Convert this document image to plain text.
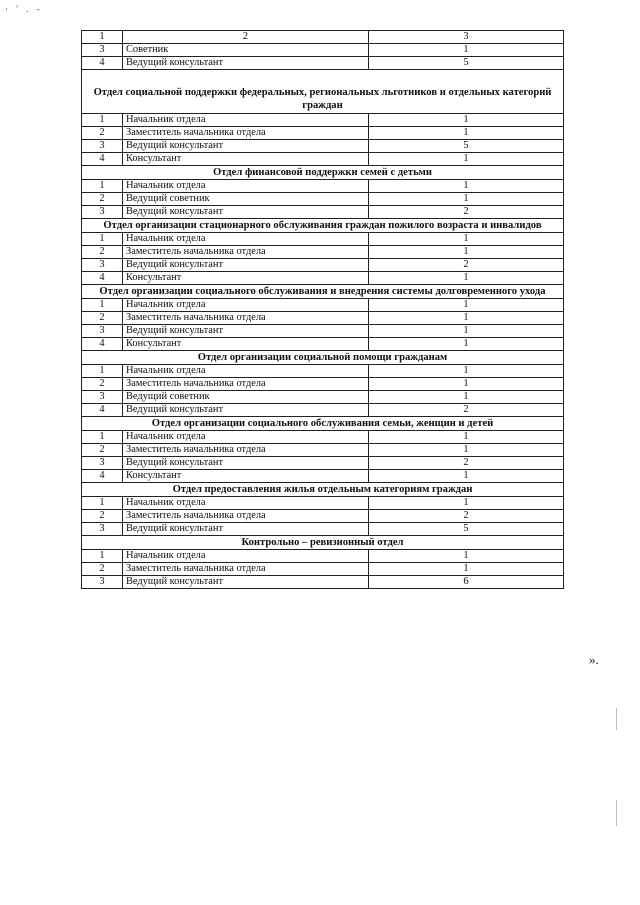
· ' . -
1	2	3
3	Советник	1
4	Ведущий консультант	5
Отдел социальной поддержки федеральных, региональных льготников и отдельных категорий граждан		
1	Начальник отдела	1
2	Заместитель начальника отдела	1
3	Ведущий консультант	5
4	Консультант	1
Отдел финансовой поддержки семей с детьми		
1	Начальник отдела	1
2	Ведущий советник	1
3	Ведущий консультант	2
Отдел организации стационарного обслуживания граждан пожилого возраста и инвалидов		
1	Начальник отдела	1
2	Заместитель начальника отдела	1
3	Ведущий консультант	2
4	Консультант	1
Отдел организации социального обслуживания и внедрения системы долговременного ухода		
1	Начальник отдела	1
2	Заместитель начальника отдела	1
3	Ведущий консультант	1
4	Консультант	1
Отдел организации социальной помощи гражданам		
1	Начальник отдела	1
2	Заместитель начальника отдела	1
3	Ведущий советник	1
4	Ведущий консультант	2
Отдел организации социального обслуживания семьи, женщин и детей		
1	Начальник отдела	1
2	Заместитель начальника отдела	1
3	Ведущий консультант	2
4	Консультант	1
Отдел предоставления жилья отдельным категориям граждан		
1	Начальник отдела	1
2	Заместитель начальника отдела	2
3	Ведущий консультант	5
Контрольно – ревизионный отдел		
1	Начальник отдела	1
2	Заместитель начальника отдела	1
3	Ведущий консультант	6
».
